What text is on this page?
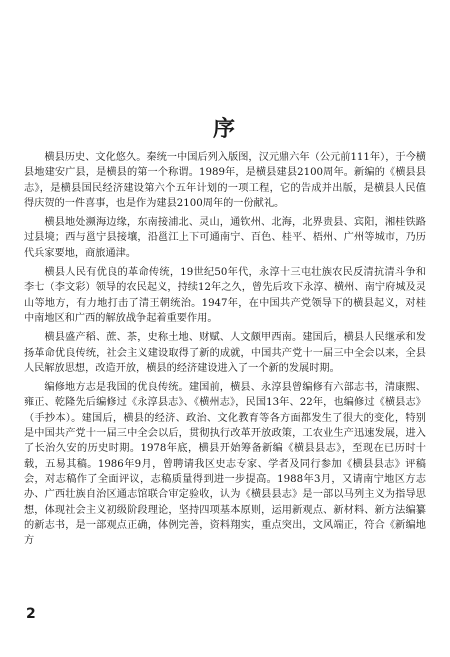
序

横县历史、文化悠久。秦统一中国后列入版图，汉元鼎六年（公元前111年），于今横县地建安广县，是横县的第一个称谓。1989年，是横县建县2100周年。新编的《横县县志》，是横县国民经济建设第六个五年计划的一项工程，它的告成并出版，是横县人民值得庆贺的一件喜事，也是作为建县2100周年的一份献礼。

横县地处濒海边缘，东南接浦北、灵山，通钦州、北海，北界贵县、宾阳，湘桂铁路过县境；西与邕宁县接壤，沿邕江上下可通南宁、百色、桂平、梧州、广州等城市，乃历代兵家要地，商旅通津。

横县人民有优良的革命传统，19世纪50年代，永淳十三屯壮族农民反清抗清斗争和李七（李文彩）领导的农民起义，持续12年之久，曾先后攻下永淳、横州、南宁府城及灵山等地方，有力地打击了清王朝统治。1947年，在中国共产党领导下的横县起义，对桂中南地区和广西的解放战争起着重要作用。

横县盛产稻、蔗、茶，史称土地、财赋、人文颇甲西南。建国后，横县人民继承和发扬革命优良传统，社会主义建设取得了新的成就，中国共产党十一届三中全会以来，全县人民解放思想，改造开放，横县的经济建设进入了一个新的发展时期。

编修地方志是我国的优良传统。建国前，横县、永淳县曾编修有六部志书，清康熙、雍正、乾隆先后编修过《永淳县志》、《横州志》，民国13年、22年，也编修过《横县志》（手抄本）。建国后，横县的经济、政治、文化教育等各方面都发生了很大的变化，特别是中国共产党十一届三中全会以后，贯彻执行改革开放政策，工农业生产迅速发展，进入了长治久安的历史时期。1978年底，横县开始筹备新编《横县县志》，至现在已历时十载，五易其稿。1986年9月，曾聘请我区史志专家、学者及同行参加《横县县志》评稿会，对志稿作了全面评议，志稿质量得到进一步提高。1988年3月，又请南宁地区方志办、广西壮族自治区通志馆联合审定验收，认为《横县县志》是一部以马列主义为指导思想，体现社会主义初级阶段理论，坚持四项基本原则，运用新观点、新材料、新方法编纂的新志书，是一部观点正确，体例完善，资料翔实，重点突出，文风端正，符合《新编地方

2
